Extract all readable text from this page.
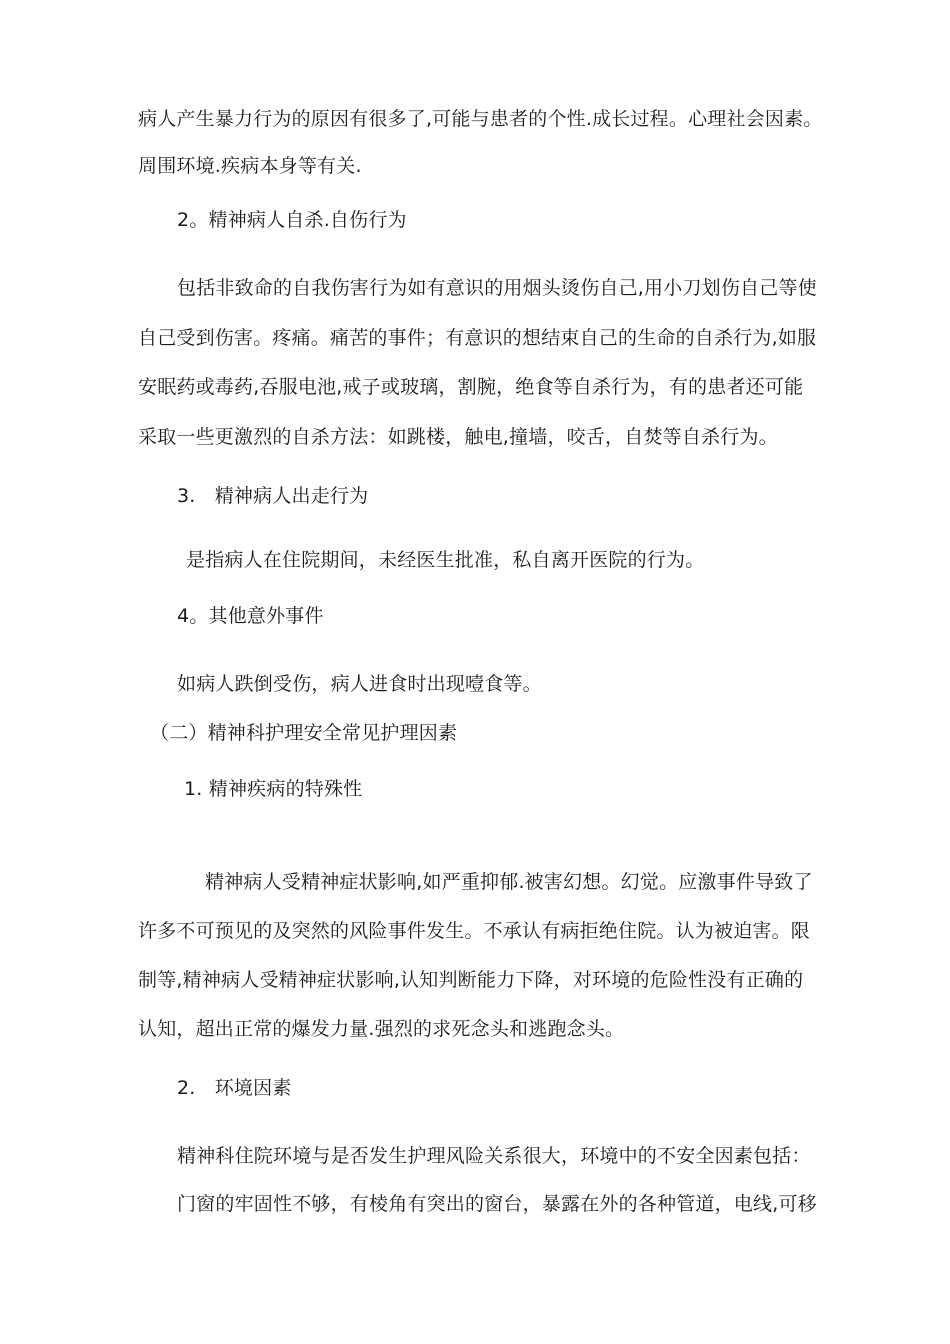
病人产生暴力行为的原因有很多了,可能与患者的个性.成长过程。心理社会因素。
周围环境.疾病本身等有关.
2。精神病人自杀.自伤行为
包括非致命的自我伤害行为如有意识的用烟头烫伤自己,用小刀划伤自己等使
自己受到伤害。疼痛。痛苦的事件；有意识的想结束自己的生命的自杀行为,如服
安眠药或毒药,吞服电池,戒子或玻璃，割腕，绝食等自杀行为，有的患者还可能
采取一些更激烈的自杀方法：如跳楼，触电,撞墙，咬舌，自焚等自杀行为。
3.　精神病人出走行为
是指病人在住院期间，未经医生批准，私自离开医院的行为。
4。其他意外事件
如病人跌倒受伤，病人进食时出现噎食等。
（二）精神科护理安全常见护理因素
1. 精神疾病的特殊性
精神病人受精神症状影响,如严重抑郁.被害幻想。幻觉。应激事件导致了
许多不可预见的及突然的风险事件发生。不承认有病拒绝住院。认为被迫害。限
制等,精神病人受精神症状影响,认知判断能力下降，对环境的危险性没有正确的
认知，超出正常的爆发力量.强烈的求死念头和逃跑念头。
2.　环境因素
精神科住院环境与是否发生护理风险关系很大，环境中的不安全因素包括：
门窗的牢固性不够，有棱角有突出的窗台，暴露在外的各种管道，电线,可移
